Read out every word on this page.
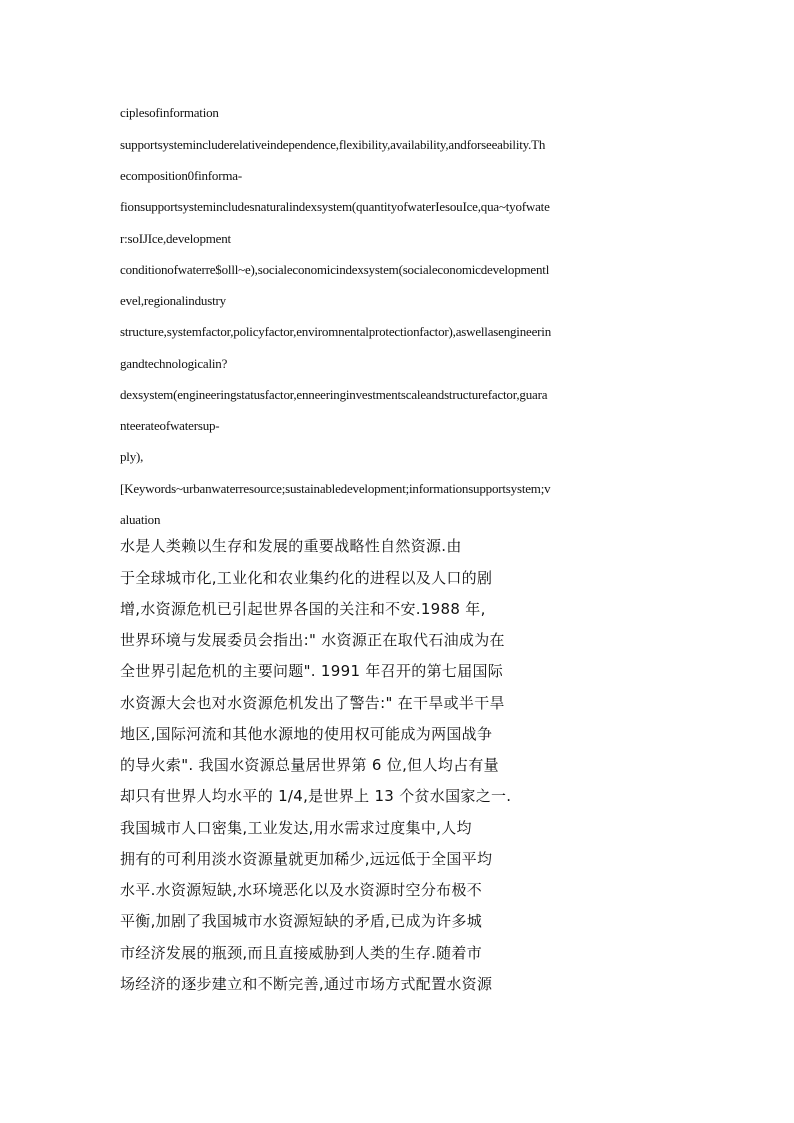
ciplesofinformation
supportsystemincluderelativeindependence,flexibility,availability,andforseeability.Th
ecomposition0finforma-
fionsupportsystemincludesnaturalindexsystem(quantityofwaterIesouIce,qua~tyofwate
r:soIJIce,development
conditionofwaterre$olll~e),socialeconomicindexsystem(socialeconomicdevelopmentl
evel,regionalindustry
structure,systemfactor,policyfactor,enviromnentalprotectionfactor),aswellasengineerin
gandtechnologicalin?
dexsystem(engineeringstatusfactor,enneeringinvestmentscaleandstructurefactor,guara
nteerateofwatersup-
ply),
[Keywords~urbanwaterresource;sustainabledevelopment;informationsupportsystem;v
aluation
水是人类赖以生存和发展的重要战略性自然资源.由
于全球城市化,工业化和农业集约化的进程以及人口的剧
增,水资源危机已引起世界各国的关注和不安.1988 年,
世界环境与发展委员会指出:" 水资源正在取代石油成为在
全世界引起危机的主要问题". 1991 年召开的第七届国际
水资源大会也对水资源危机发出了警告:" 在干旱或半干旱
地区,国际河流和其他水源地的使用权可能成为两国战争
的导火索". 我国水资源总量居世界第 6 位,但人均占有量
却只有世界人均水平的 1/4,是世界上 13 个贫水国家之一.
我国城市人口密集,工业发达,用水需求过度集中,人均
拥有的可利用淡水资源量就更加稀少,远远低于全国平均
水平.水资源短缺,水环境恶化以及水资源时空分布极不
平衡,加剧了我国城市水资源短缺的矛盾,已成为许多城
市经济发展的瓶颈,而且直接威胁到人类的生存.随着市
场经济的逐步建立和不断完善,通过市场方式配置水资源
